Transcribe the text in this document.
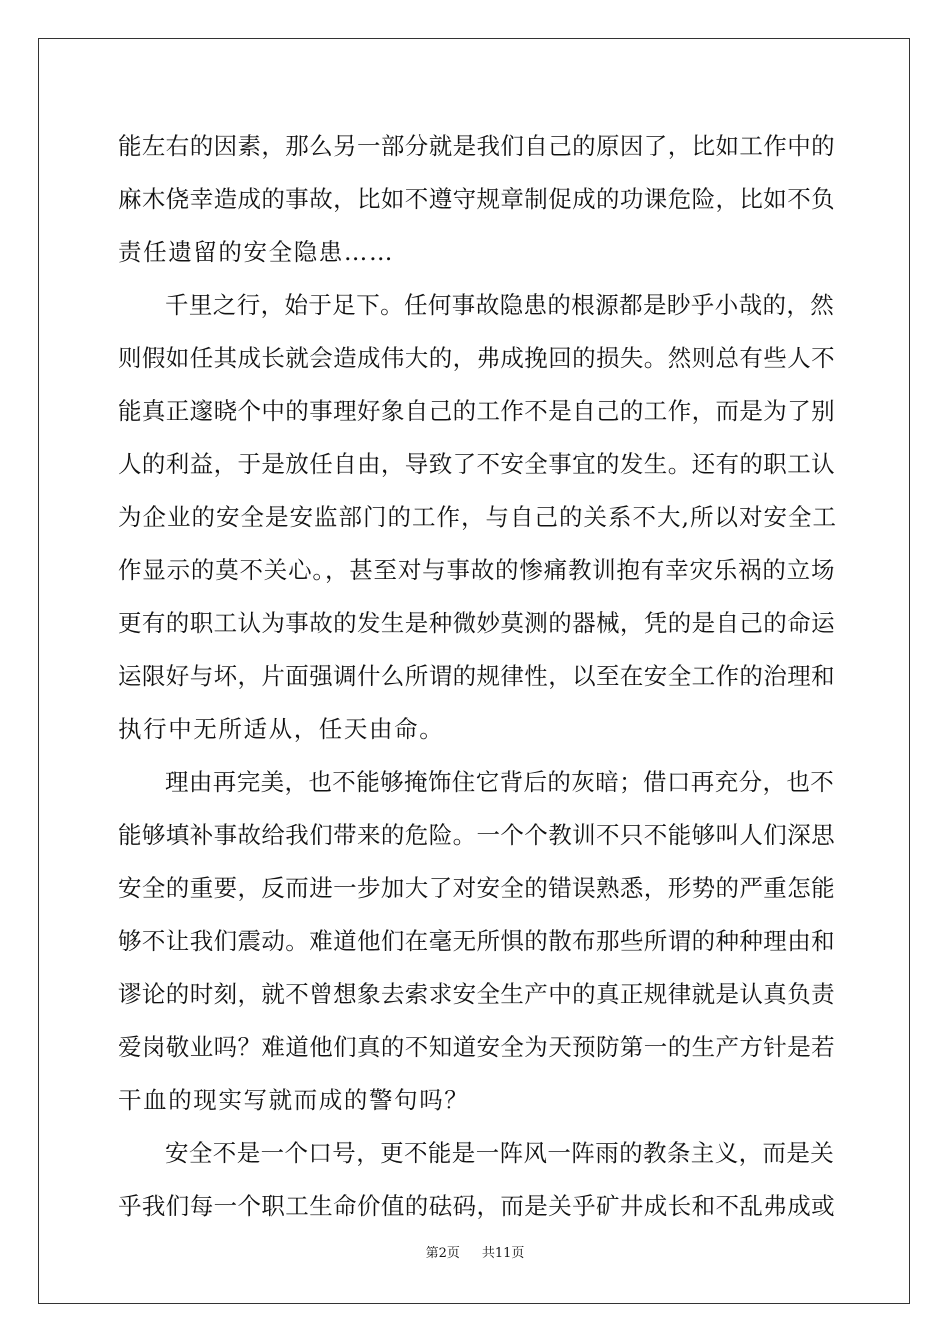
能左右的因素，那么另一部分就是我们自己的原因了，比如工作中的
麻木侥幸造成的事故，比如不遵守规章制促成的功课危险，比如不负
责任遗留的安全隐患……
千里之行，始于足下。任何事故隐患的根源都是眇乎小哉的，然
则假如任其成长就会造成伟大的，弗成挽回的损失。然则总有些人不
能真正邃晓个中的事理好象自己的工作不是自己的工作，而是为了别
人的利益，于是放任自由，导致了不安全事宜的发生。还有的职工认
为企业的安全是安监部门的工作，与自己的关系不大,所以对安全工
作显示的莫不关心。，甚至对与事故的惨痛教训抱有幸灾乐祸的立场
更有的职工认为事故的发生是种微妙莫测的器械，凭的是自己的命运
运限好与坏，片面强调什么所谓的规律性，以至在安全工作的治理和
执行中无所适从，任天由命。
理由再完美，也不能够掩饰住它背后的灰暗；借口再充分，也不
能够填补事故给我们带来的危险。一个个教训不只不能够叫人们深思
安全的重要，反而进一步加大了对安全的错误熟悉，形势的严重怎能
够不让我们震动。难道他们在毫无所惧的散布那些所谓的种种理由和
谬论的时刻，就不曾想象去索求安全生产中的真正规律就是认真负责
爱岗敬业吗？难道他们真的不知道安全为天预防第一的生产方针是若
干血的现实写就而成的警句吗？
安全不是一个口号，更不能是一阵风一阵雨的教条主义，而是关
乎我们每一个职工生命价值的砝码，而是关乎矿井成长和不乱弗成或
第2页 共11页
